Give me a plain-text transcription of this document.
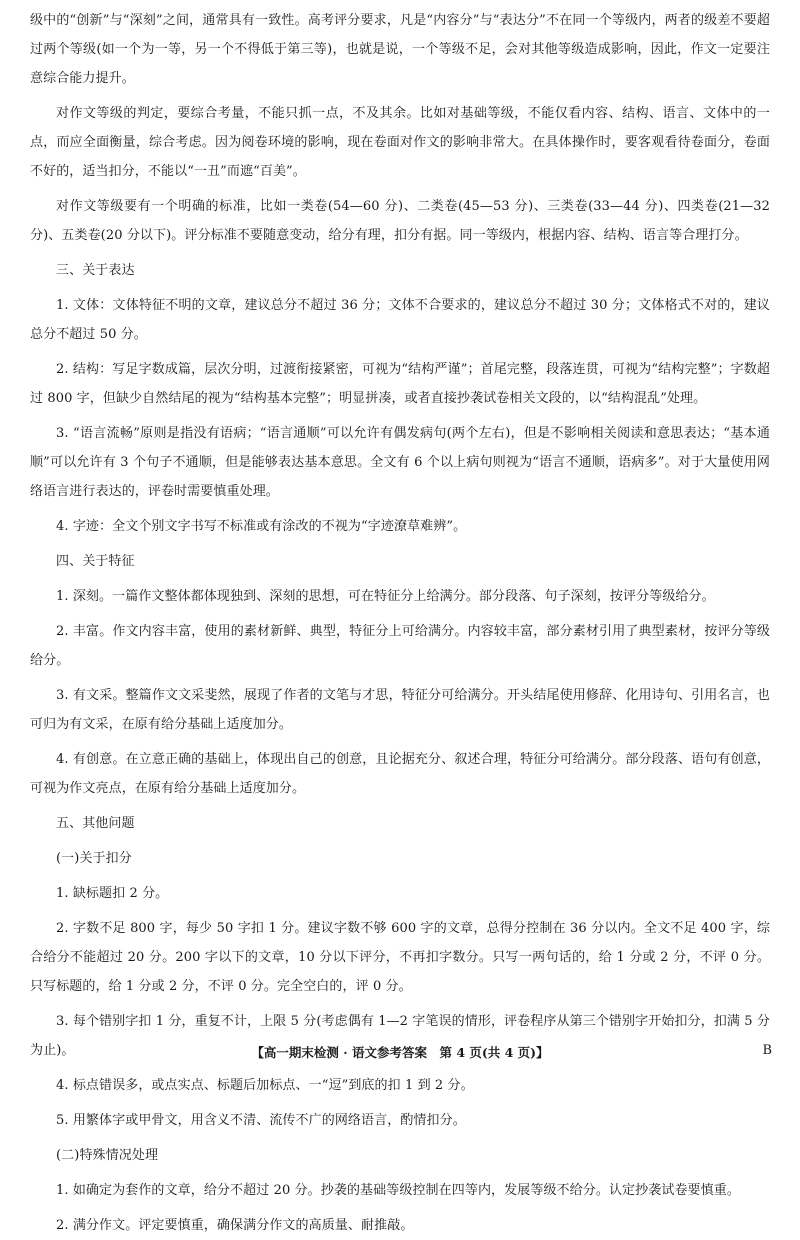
级中的“创新”与“深刻”之间，通常具有一致性。高考评分要求，凡是“内容分”与“表达分”不在同一个等级内，两者的级差不要超过两个等级(如一个为一等，另一个不得低于第三等)，也就是说，一个等级不足，会对其他等级造成影响，因此，作文一定要注意综合能力提升。

对作文等级的判定，要综合考量，不能只抓一点，不及其余。比如对基础等级，不能仅看内容、结构、语言、文体中的一点，而应全面衡量，综合考虑。因为阅卷环境的影响，现在卷面对作文的影响非常大。在具体操作时，要客观看待卷面分，卷面不好的，适当扣分，不能以“一丑”而遮“百美”。

对作文等级要有一个明确的标准，比如一类卷(54—60 分)、二类卷(45—53 分)、三类卷(33—44 分)、四类卷(21—32 分)、五类卷(20 分以下)。评分标准不要随意变动，给分有理，扣分有据。同一等级内，根据内容、结构、语言等合理打分。

三、关于表达

1. 文体：文体特征不明的文章，建议总分不超过 36 分；文体不合要求的，建议总分不超过 30 分；文体格式不对的，建议总分不超过 50 分。

2. 结构：写足字数成篇，层次分明，过渡衔接紧密，可视为“结构严谨”；首尾完整，段落连贯，可视为“结构完整”；字数超过 800 字，但缺少自然结尾的视为“结构基本完整”；明显拼凑，或者直接抄袭试卷相关文段的，以“结构混乱”处理。

3. “语言流畅”原则是指没有语病；“语言通顺”可以允许有偶发病句(两个左右)，但是不影响相关阅读和意思表达；“基本通顺”可以允许有 3 个句子不通顺，但是能够表达基本意思。全文有 6 个以上病句则视为“语言不通顺，语病多”。对于大量使用网络语言进行表达的，评卷时需要慎重处理。

4. 字迹：全文个别文字书写不标准或有涂改的不视为“字迹潦草难辨”。

四、关于特征

1. 深刻。一篇作文整体都体现独到、深刻的思想，可在特征分上给满分。部分段落、句子深刻，按评分等级给分。

2. 丰富。作文内容丰富，使用的素材新鲜、典型，特征分上可给满分。内容较丰富，部分素材引用了典型素材，按评分等级给分。

3. 有文采。整篇作文文采斐然，展现了作者的文笔与才思，特征分可给满分。开头结尾使用修辞、化用诗句、引用名言，也可归为有文采，在原有给分基础上适度加分。

4. 有创意。在立意正确的基础上，体现出自己的创意，且论据充分、叙述合理，特征分可给满分。部分段落、语句有创意，可视为作文亮点，在原有给分基础上适度加分。

五、其他问题

(一)关于扣分

1. 缺标题扣 2 分。

2. 字数不足 800 字，每少 50 字扣 1 分。建议字数不够 600 字的文章，总得分控制在 36 分以内。全文不足 400 字，综合给分不能超过 20 分。200 字以下的文章，10 分以下评分，不再扣字数分。只写一两句话的，给 1 分或 2 分，不评 0 分。只写标题的，给 1 分或 2 分，不评 0 分。完全空白的，评 0 分。

3. 每个错别字扣 1 分，重复不计，上限 5 分(考虑偶有 1—2 字笔误的情形，评卷程序从第三个错别字开始扣分，扣满 5 分为止)。

4. 标点错误多，或点实点、标题后加标点、一“逗”到底的扣 1 到 2 分。

5. 用繁体字或甲骨文，用含义不清、流传不广的网络语言，酌情扣分。

(二)特殊情况处理

1. 如确定为套作的文章，给分不超过 20 分。抄袭的基础等级控制在四等内，发展等级不给分。认定抄袭试卷要慎重。

2. 满分作文。评定要慎重，确保满分作文的高质量、耐推敲。

【高一期末检测 · 语文参考答案　第 4 页(共 4 页)】	B
